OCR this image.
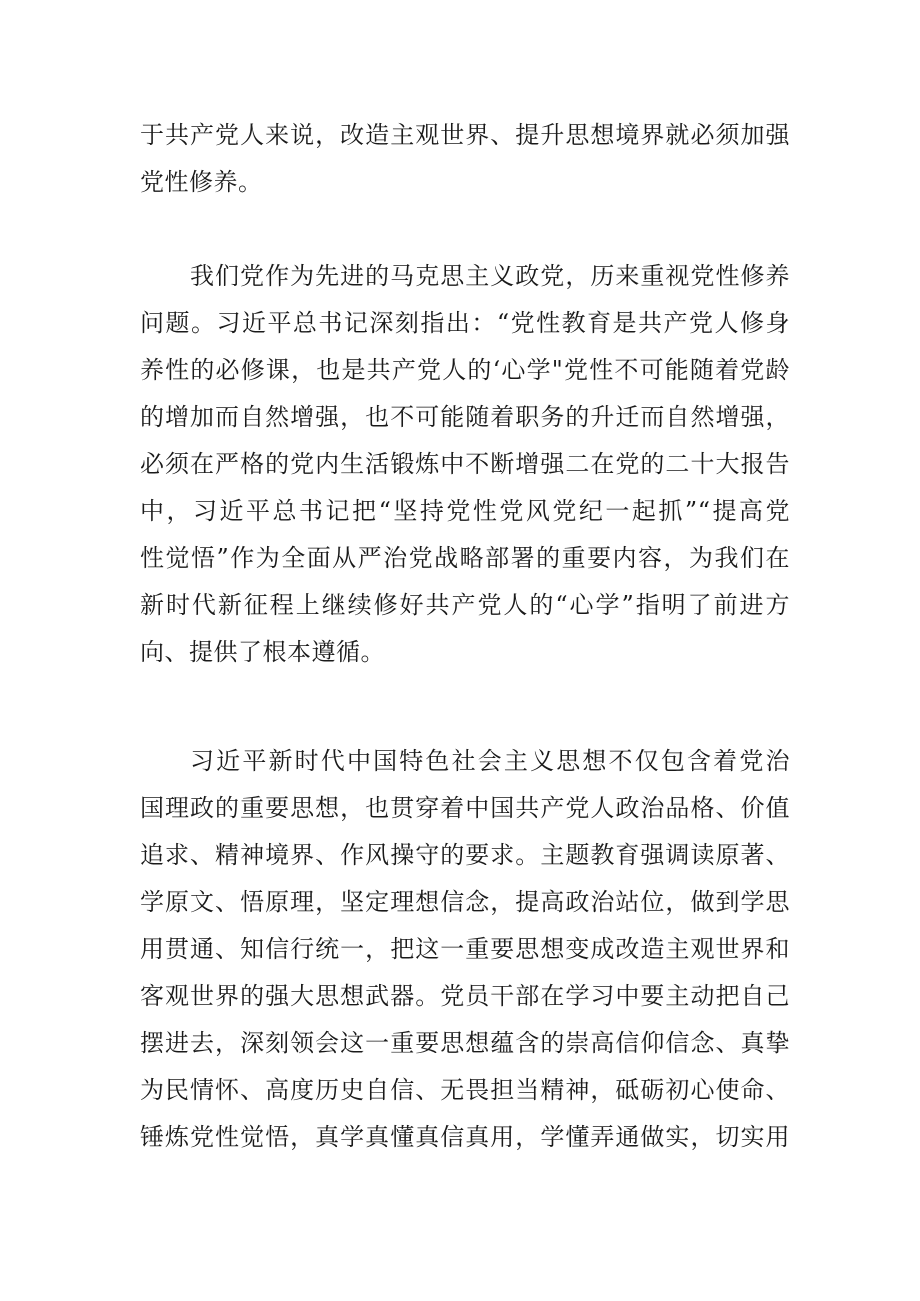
于共产党人来说，改造主观世界、提升思想境界就必须加强
党性修养。
我们党作为先进的马克思主义政党，历来重视党性修养
问题。习近平总书记深刻指出：“党性教育是共产党人修身
养性的必修课，也是共产党人的‘心学"党性不可能随着党龄
的增加而自然增强，也不可能随着职务的升迁而自然增强，
必须在严格的党内生活锻炼中不断增强二在党的二十大报告
中，习近平总书记把“坚持党性党风党纪一起抓”“提高党
性觉悟”作为全面从严治党战略部署的重要内容，为我们在
新时代新征程上继续修好共产党人的“心学”指明了前进方
向、提供了根本遵循。
习近平新时代中国特色社会主义思想不仅包含着党治
国理政的重要思想，也贯穿着中国共产党人政治品格、价值
追求、精神境界、作风操守的要求。主题教育强调读原著、
学原文、悟原理，坚定理想信念，提高政治站位，做到学思
用贯通、知信行统一，把这一重要思想变成改造主观世界和
客观世界的强大思想武器。党员干部在学习中要主动把自己
摆进去，深刻领会这一重要思想蕴含的崇高信仰信念、真挚
为民情怀、高度历史自信、无畏担当精神，砥砺初心使命、
锤炼党性觉悟，真学真懂真信真用，学懂弄通做实，切实用
